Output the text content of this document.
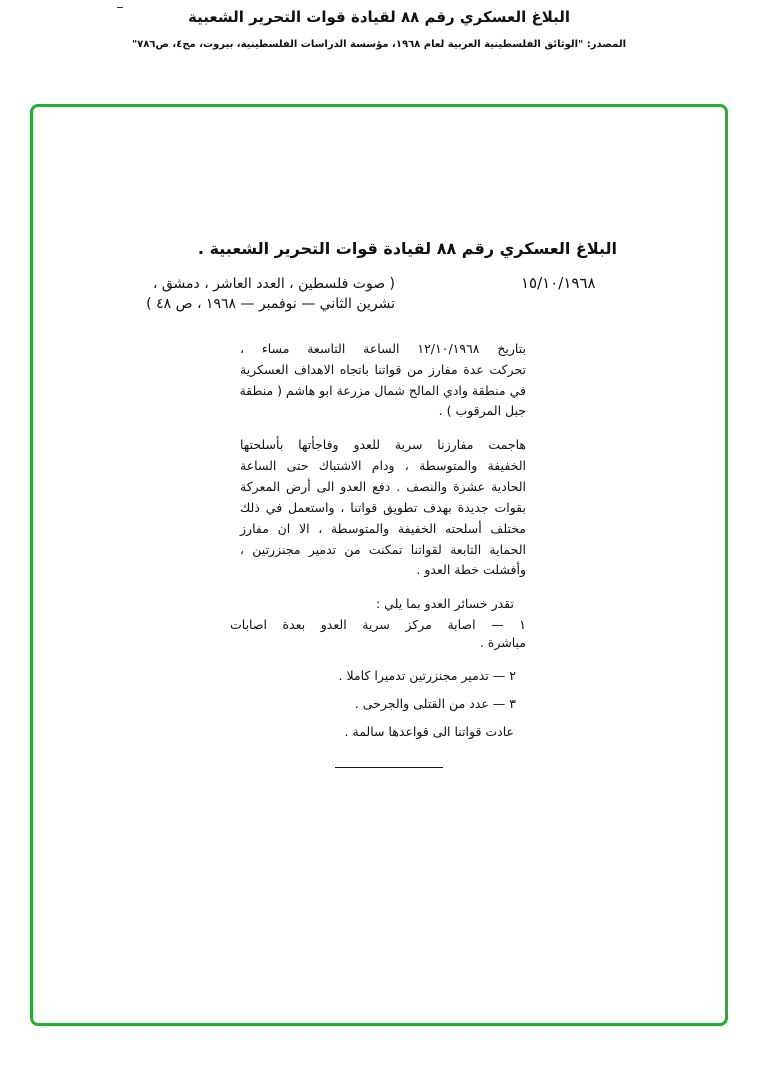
البلاغ العسكري رقم ٨٨ لقيادة قوات التحرير الشعبية
المصدر: "الوثائق الفلسطينية العربية لعام ١٩٦٨، مؤسسة الدراسات الفلسطينية، بيروت، مج٤، ص٧٨٦"
البلاغ العسكري رقم ٨٨ لقيادة قوات التحرير الشعبية .
١٥/١٠/١٩٦٨
( صوت فلسطين ، العدد العاشر ، دمشق ،
تشرين الثاني — نوفمبر — ١٩٦٨ ، ص ٤٨ )
بتاريخ ١٢/١٠/١٩٦٨ الساعة التاسعة مساء ،
تحركت عدة مفارز من قواتنا باتجاه الاهداف العسكرية
في منطقة وادي المالح شمال مزرعة ابو هاشم ( منطقة
جبل المرقوب ) .
هاجمت مفارزنا سرية للعدو وفاجأتها بأسلحتها
الخفيفة والمتوسطة ، ودام الاشتباك حتى الساعة
الحادية عشرة والنصف . دفع العدو الى أرض المعركة
بقوات جديدة بهدف تطويق قواتنا ، واستعمل في ذلك
مختلف أسلحته الخفيفة والمتوسطة ، الا ان مفارز
الحماية التابعة لقواتنا تمكنت من تدمير مجنزرتين ،
وأفشلت خطة العدو .
تقدر خسائر العدو بما يلي :
١ — اصابة مركز سرية العدو بعدة اصابات
مباشرة .
٢ — تدمير مجنزرتين تدميرا كاملا .
٣ — عدد من القتلى والجرحى .
عادت قواتنا الى قواعدها سالمة .
